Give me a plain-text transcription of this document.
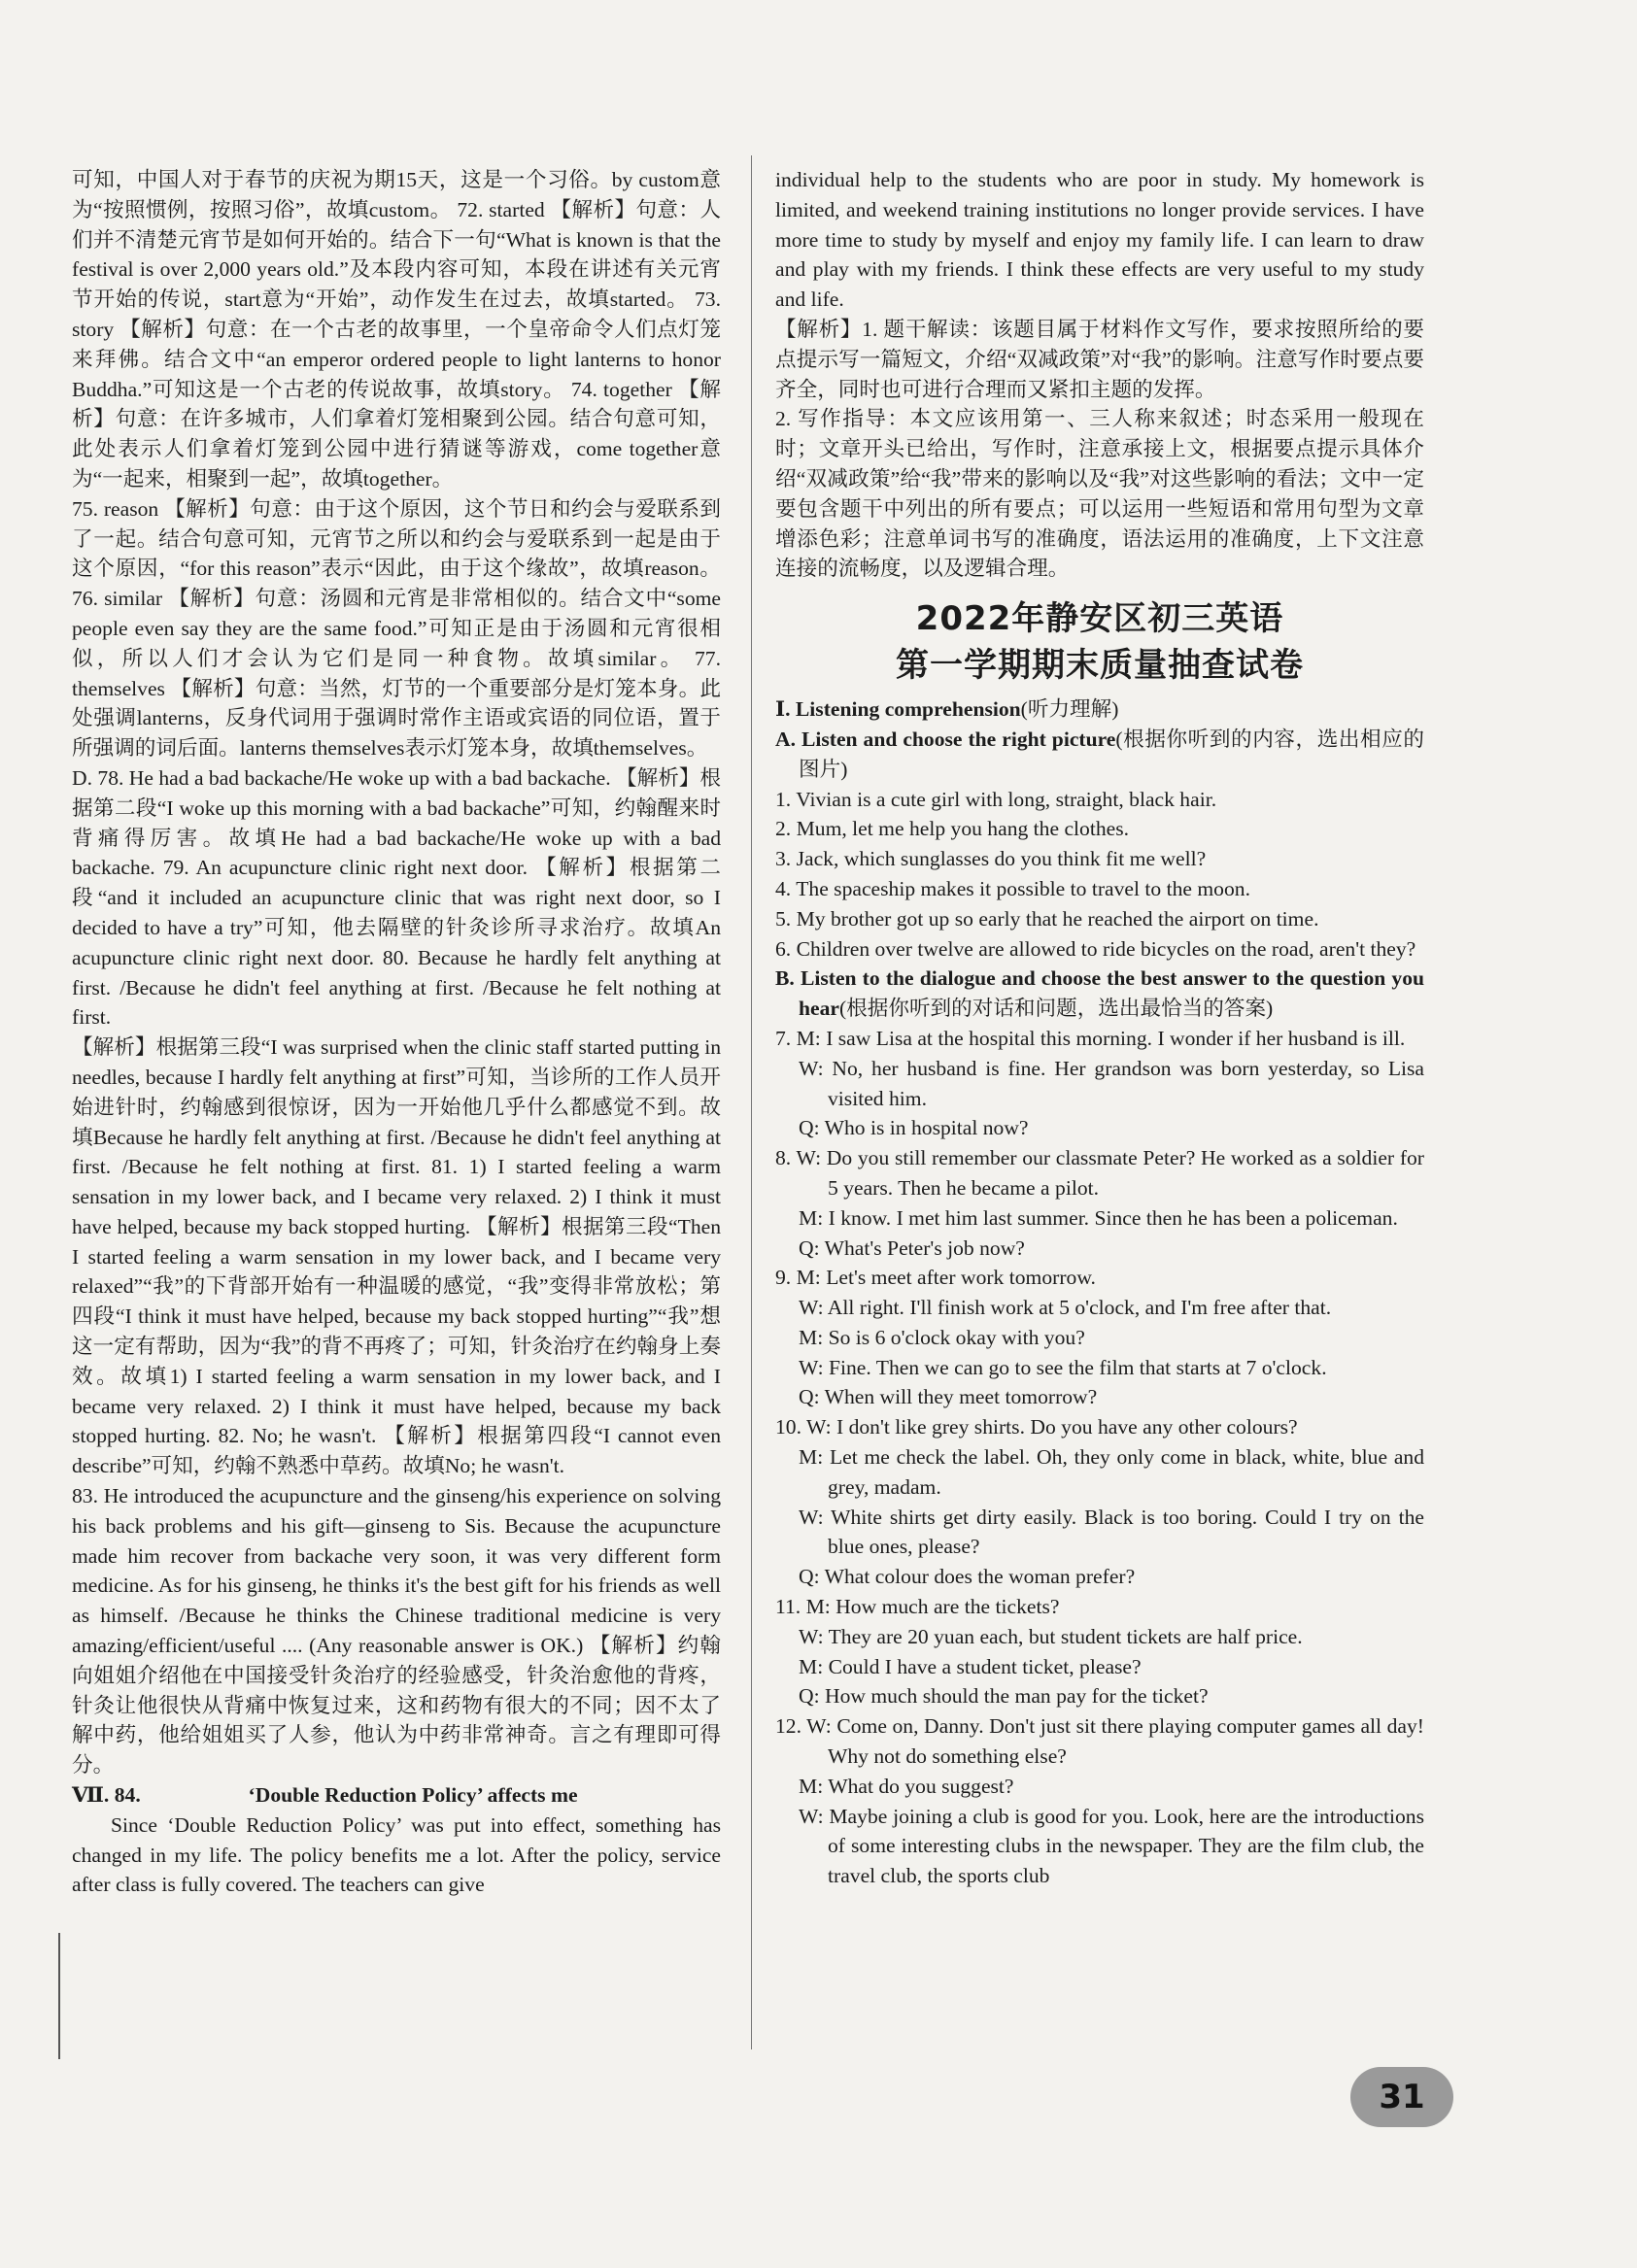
可知，中国人对于春节的庆祝为期15天，这是一个习俗。by custom意为“按照惯例，按照习俗”，故填custom。 72. started 【解析】句意：人们并不清楚元宵节是如何开始的。结合下一句“What is known is that the festival is over 2,000 years old.”及本段内容可知，本段在讲述有关元宵节开始的传说，start意为“开始”，动作发生在过去，故填started。 73. story 【解析】句意：在一个古老的故事里，一个皇帝命令人们点灯笼来拜佛。结合文中“an emperor ordered people to light lanterns to honor Buddha.”可知这是一个古老的传说故事，故填story。 74. together 【解析】句意：在许多城市，人们拿着灯笼相聚到公园。结合句意可知，此处表示人们拿着灯笼到公园中进行猜谜等游戏，come together意为“一起来，相聚到一起”，故填together。

75. reason 【解析】句意：由于这个原因，这个节日和约会与爱联系到了一起。结合句意可知，元宵节之所以和约会与爱联系到一起是由于这个原因，“for this reason”表示“因此，由于这个缘故”，故填reason。 76. similar 【解析】句意：汤圆和元宵是非常相似的。结合文中“some people even say they are the same food.”可知正是由于汤圆和元宵很相似，所以人们才会认为它们是同一种食物。故填similar。 77. themselves 【解析】句意：当然，灯节的一个重要部分是灯笼本身。此处强调lanterns，反身代词用于强调时常作主语或宾语的同位语，置于所强调的词后面。lanterns themselves表示灯笼本身，故填themselves。

D. 78. He had a bad backache/He woke up with a bad backache. 【解析】根据第二段“I woke up this morning with a bad backache”可知，约翰醒来时背痛得厉害。故填He had a bad backache/He woke up with a bad backache. 79. An acupuncture clinic right next door. 【解析】根据第二段“and it included an acupuncture clinic that was right next door, so I decided to have a try”可知，他去隔壁的针灸诊所寻求治疗。故填An acupuncture clinic right next door. 80. Because he hardly felt anything at first. /Because he didn't feel anything at first. /Because he felt nothing at first.

【解析】根据第三段“I was surprised when the clinic staff started putting in needles, because I hardly felt anything at first”可知，当诊所的工作人员开始进针时，约翰感到很惊讶，因为一开始他几乎什么都感觉不到。故填Because he hardly felt anything at first. /Because he didn't feel anything at first. /Because he felt nothing at first. 81. 1) I started feeling a warm sensation in my lower back, and I became very relaxed. 2) I think it must have helped, because my back stopped hurting. 【解析】根据第三段“Then I started feeling a warm sensation in my lower back, and I became very relaxed”“我”的下背部开始有一种温暖的感觉，“我”变得非常放松；第四段“I think it must have helped, because my back stopped hurting”“我”想这一定有帮助，因为“我”的背不再疼了；可知，针灸治疗在约翰身上奏效。故填1) I started feeling a warm sensation in my lower back, and I became very relaxed. 2) I think it must have helped, because my back stopped hurting. 82. No; he wasn't. 【解析】根据第四段“I cannot even describe”可知，约翰不熟悉中草药。故填No; he wasn't.

83. He introduced the acupuncture and the ginseng/his experience on solving his back problems and his gift—ginseng to Sis. Because the acupuncture made him recover from backache very soon, it was very different form medicine. As for his ginseng, he thinks it's the best gift for his friends as well as himself. /Because he thinks the Chinese traditional medicine is very amazing/efficient/useful .... (Any reasonable answer is OK.) 【解析】约翰向姐姐介绍他在中国接受针灸治疗的经验感受，针灸治愈他的背疼，针灸让他很快从背痛中恢复过来，这和药物有很大的不同；因不太了解中药，他给姐姐买了人参，他认为中药非常神奇。言之有理即可得分。

Ⅶ. 84.	‘Double Reduction Policy’ affects me

Since ‘Double Reduction Policy’ was put into effect, something has changed in my life. The policy benefits me a lot. After the policy, service after class is fully covered. The teachers can give

individual help to the students who are poor in study. My homework is limited, and weekend training institutions no longer provide services. I have more time to study by myself and enjoy my family life. I can learn to draw and play with my friends. I think these effects are very useful to my study and life.

【解析】1. 题干解读：该题目属于材料作文写作，要求按照所给的要点提示写一篇短文，介绍“双减政策”对“我”的影响。注意写作时要点要齐全，同时也可进行合理而又紧扣主题的发挥。

2. 写作指导：本文应该用第一、三人称来叙述；时态采用一般现在时；文章开头已给出，写作时，注意承接上文，根据要点提示具体介绍“双减政策”给“我”带来的影响以及“我”对这些影响的看法；文中一定要包含题干中列出的所有要点；可以运用一些短语和常用句型为文章增添色彩；注意单词书写的准确度，语法运用的准确度，上下文注意连接的流畅度，以及逻辑合理。

2022年静安区初三英语
第一学期期末质量抽查试卷

Ⅰ. Listening comprehension(听力理解)

A. Listen and choose the right picture(根据你听到的内容，选出相应的图片)

1. Vivian is a cute girl with long, straight, black hair.

2. Mum, let me help you hang the clothes.

3. Jack, which sunglasses do you think fit me well?

4. The spaceship makes it possible to travel to the moon.

5. My brother got up so early that he reached the airport on time.

6. Children over twelve are allowed to ride bicycles on the road, aren't they?

B. Listen to the dialogue and choose the best answer to the question you hear(根据你听到的对话和问题，选出最恰当的答案)

7. M: I saw Lisa at the hospital this morning. I wonder if her husband is ill.

W: No, her husband is fine. Her grandson was born yesterday, so Lisa visited him.

Q: Who is in hospital now?

8. W: Do you still remember our classmate Peter? He worked as a soldier for 5 years. Then he became a pilot.

M: I know. I met him last summer. Since then he has been a policeman.

Q: What's Peter's job now?

9. M: Let's meet after work tomorrow.

W: All right. I'll finish work at 5 o'clock, and I'm free after that.

M: So is 6 o'clock okay with you?

W: Fine. Then we can go to see the film that starts at 7 o'clock.

Q: When will they meet tomorrow?

10. W: I don't like grey shirts. Do you have any other colours?

M: Let me check the label. Oh, they only come in black, white, blue and grey, madam.

W: White shirts get dirty easily. Black is too boring. Could I try on the blue ones, please?

Q: What colour does the woman prefer?

11. M: How much are the tickets?

W: They are 20 yuan each, but student tickets are half price.

M: Could I have a student ticket, please?

Q: How much should the man pay for the ticket?

12. W: Come on, Danny. Don't just sit there playing computer games all day! Why not do something else?

M: What do you suggest?

W: Maybe joining a club is good for you. Look, here are the introductions of some interesting clubs in the newspaper. They are the film club, the travel club, the sports club

31
